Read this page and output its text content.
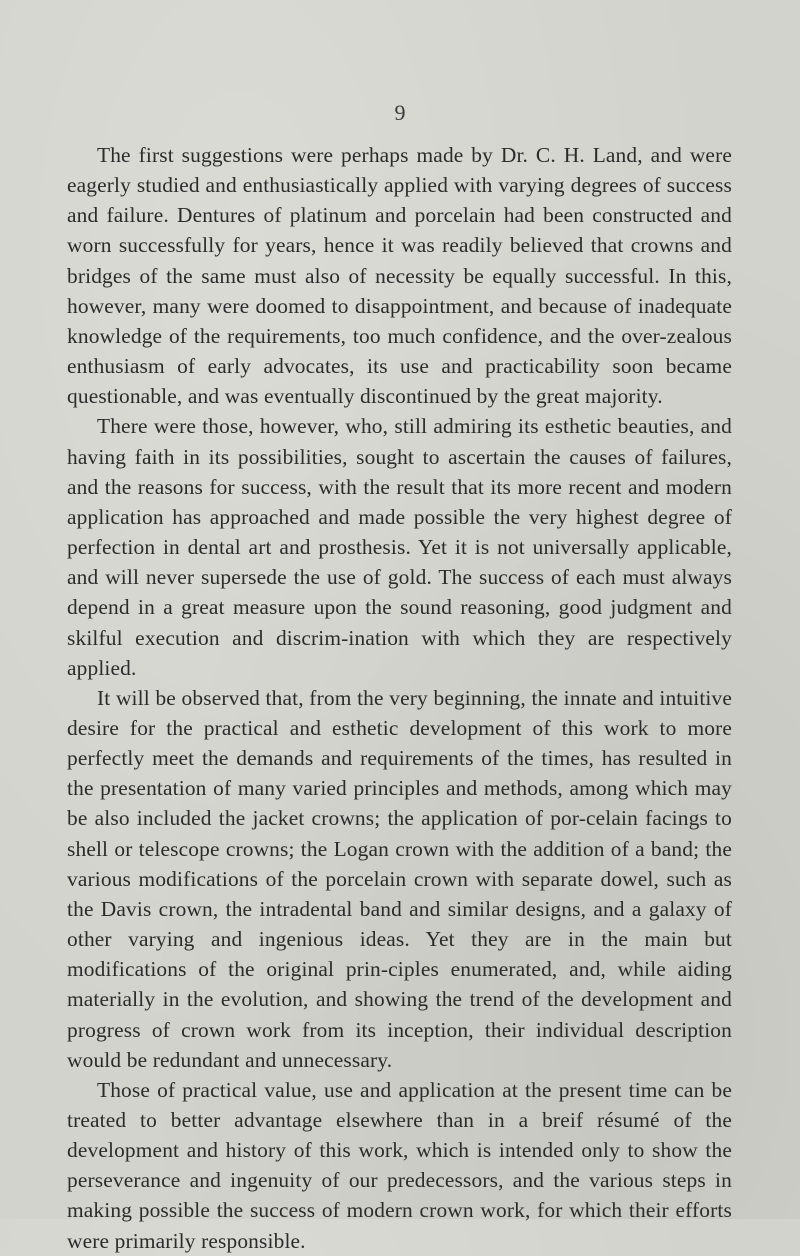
9

The first suggestions were perhaps made by Dr. C. H. Land, and were eagerly studied and enthusiastically applied with varying degrees of success and failure. Dentures of platinum and porcelain had been constructed and worn successfully for years, hence it was readily believed that crowns and bridges of the same must also of necessity be equally successful. In this, however, many were doomed to disappointment, and because of inadequate knowledge of the requirements, too much confidence, and the over-zealous enthusiasm of early advocates, its use and practicability soon became questionable, and was eventually discontinued by the great majority.

There were those, however, who, still admiring its esthetic beauties, and having faith in its possibilities, sought to ascertain the causes of failures, and the reasons for success, with the result that its more recent and modern application has approached and made possible the very highest degree of perfection in dental art and prosthesis. Yet it is not universally applicable, and will never supersede the use of gold. The success of each must always depend in a great measure upon the sound reasoning, good judgment and skilful execution and discrim-ination with which they are respectively applied.

It will be observed that, from the very beginning, the innate and intuitive desire for the practical and esthetic development of this work to more perfectly meet the demands and requirements of the times, has resulted in the presentation of many varied principles and methods, among which may be also included the jacket crowns; the application of por-celain facings to shell or telescope crowns; the Logan crown with the addition of a band; the various modifications of the porcelain crown with separate dowel, such as the Davis crown, the intradental band and similar designs, and a galaxy of other varying and ingenious ideas. Yet they are in the main but modifications of the original prin-ciples enumerated, and, while aiding materially in the evolution, and showing the trend of the development and progress of crown work from its inception, their individual description would be redundant and unnecessary.

Those of practical value, use and application at the present time can be treated to better advantage elsewhere than in a breif résumé of the development and history of this work, which is intended only to show the perseverance and ingenuity of our predecessors, and the various steps in making possible the success of modern crown work, for which their efforts were primarily responsible.
